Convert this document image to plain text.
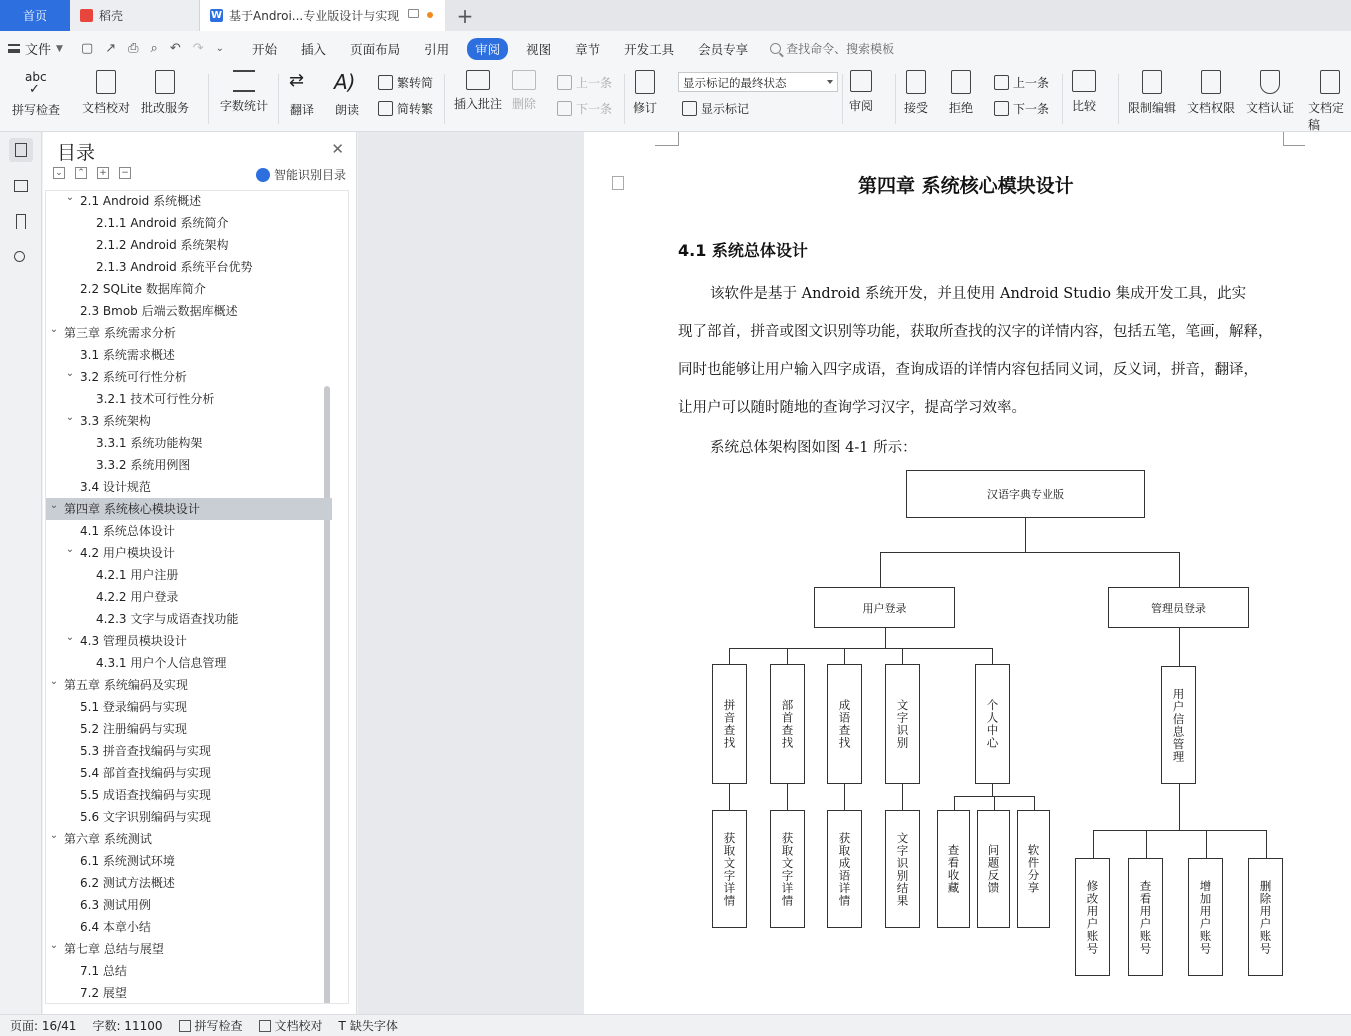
首页	稻壳	W 基于Androi...专业版设计与实现	+
文件 ▼ ▢ ↗ ⎙ ⌕ ↶ ↷ ⌄ 开始 插入 页面布局 引用	审阅	视图 章节 开发工具 会员专享	查找命令、搜索模板
abc
✓
拼写检查 文档校对 批改服务	字数统计
⇄
翻译
A)
朗读
繁转简
简转繁 插入批注 删除
上一条
下一条 修订
显示标记的最终状态
显示标记	审阅	接受 拒绝
上一条
下一条 比较	限制编辑 文档权限 文档认证 文档定稿
目录	✕
⌄ ⌃ + −	智能识别目录
⌄ 2.1 Android 系统概述
2.1.1 Android 系统简介
2.1.2 Android 系统架构
2.1.3 Android 系统平台优势
2.2 SQLite 数据库简介
2.3 Bmob 后端云数据库概述
⌄ 第三章 系统需求分析
3.1 系统需求概述
⌄ 3.2 系统可行性分析
3.2.1 技术可行性分析
⌄ 3.3 系统架构
3.3.1 系统功能构架
3.3.2 系统用例图
3.4 设计规范
⌄ 第四章 系统核心模块设计
4.1 系统总体设计
⌄ 4.2 用户模块设计
4.2.1 用户注册
4.2.2 用户登录
4.2.3 文字与成语查找功能
⌄ 4.3 管理员模块设计
4.3.1 用户个人信息管理
⌄ 第五章 系统编码及实现
5.1 登录编码与实现
5.2 注册编码与实现
5.3 拼音查找编码与实现
5.4 部首查找编码与实现
5.5 成语查找编码与实现
5.6 文字识别编码与实现
⌄ 第六章 系统测试
6.1 系统测试环境
6.2 测试方法概述
6.3 测试用例
6.4 本章小结
⌄ 第七章 总结与展望
7.1 总结
7.2 展望
第四章 系统核心模块设计
4.1 系统总体设计
该软件是基于 Android 系统开发，并且使用 Android Studio 集成开发工具，此实
现了部首，拼音或图文识别等功能，获取所查找的汉字的详情内容，包括五笔，笔画，解释，
同时也能够让用户输入四字成语，查询成语的详情内容包括同义词，反义词，拼音，翻译，
让用户可以随时随地的查询学习汉字，提高学习效率。
系统总体架构图如图 4-1 所示：
汉语字典专业版
用户登录	管理员登录
拼音查找	部首查找	成语查找	文字识别	个人中心
获取文字详情	获取文字详情	获取成语详情	文字识别结果	查看收藏	问题反馈	软件分享
用户信息管理
修改用户账号	查看用户账号	增加用户账号	删除用户账号
页面: 16/41 字数: 11100	拼写检查	文档校对 T 缺失字体
